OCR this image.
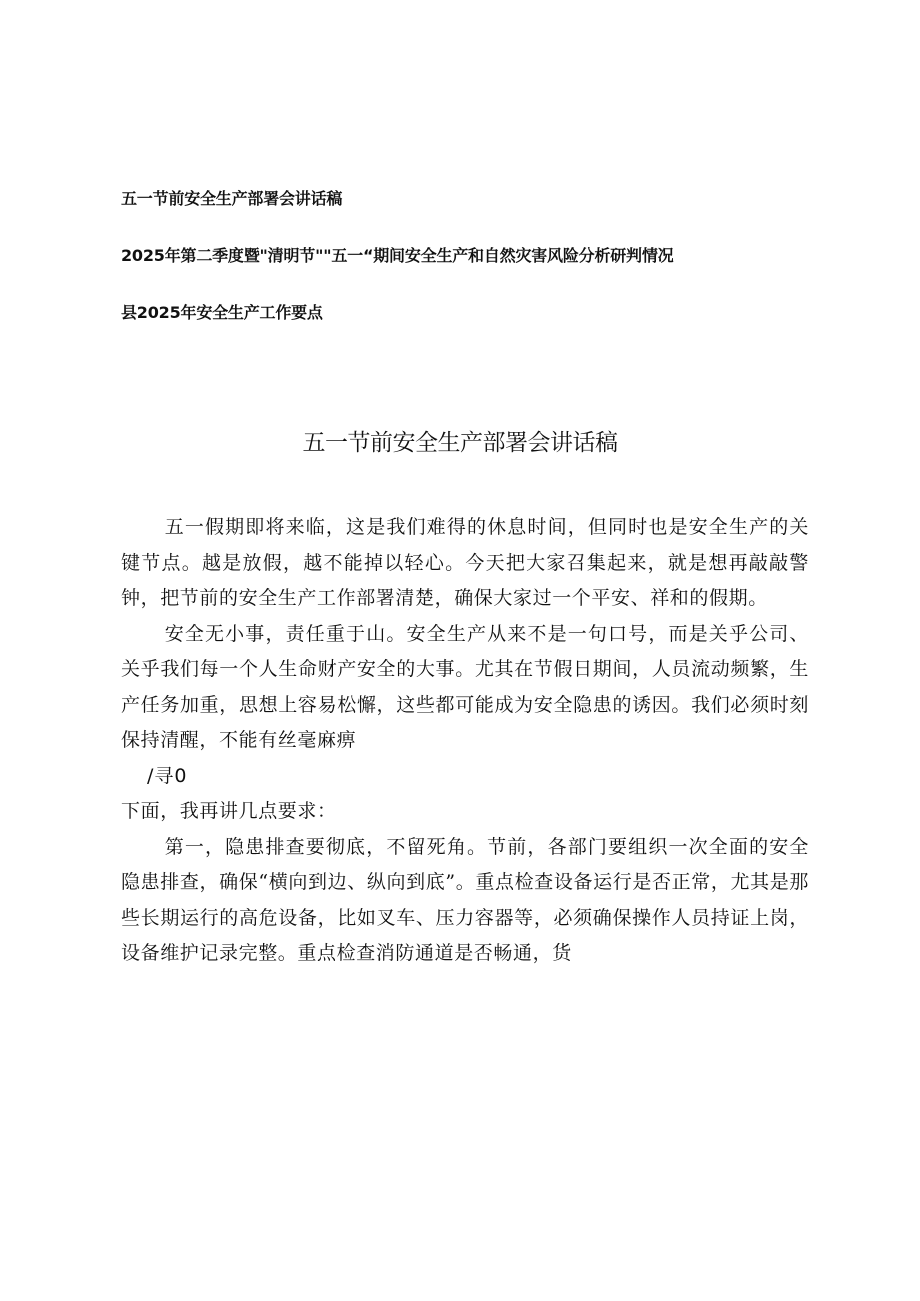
五一节前安全生产部署会讲话稿
2025年第二季度暨"清明节""五一“期间安全生产和自然灾害风险分析研判情况
县2025年安全生产工作要点
五一节前安全生产部署会讲话稿

五一假期即将来临，这是我们难得的休息时间，但同时也是安全生产的关键节点。越是放假，越不能掉以轻心。今天把大家召集起来，就是想再敲敲警钟，把节前的安全生产工作部署清楚，确保大家过一个平安、祥和的假期。

安全无小事，责任重于山。安全生产从来不是一句口号，而是关乎公司、关乎我们每一个人生命财产安全的大事。尤其在节假日期间，人员流动频繁，生产任务加重，思想上容易松懈，这些都可能成为安全隐患的诱因。我们必须时刻保持清醒，不能有丝毫麻痹

/寻0

下面，我再讲几点要求：

第一，隐患排查要彻底，不留死角。节前，各部门要组织一次全面的安全隐患排查，确保“横向到边、纵向到底”。重点检查设备运行是否正常，尤其是那些长期运行的高危设备，比如叉车、压力容器等，必须确保操作人员持证上岗，设备维护记录完整。重点检查消防通道是否畅通，货
